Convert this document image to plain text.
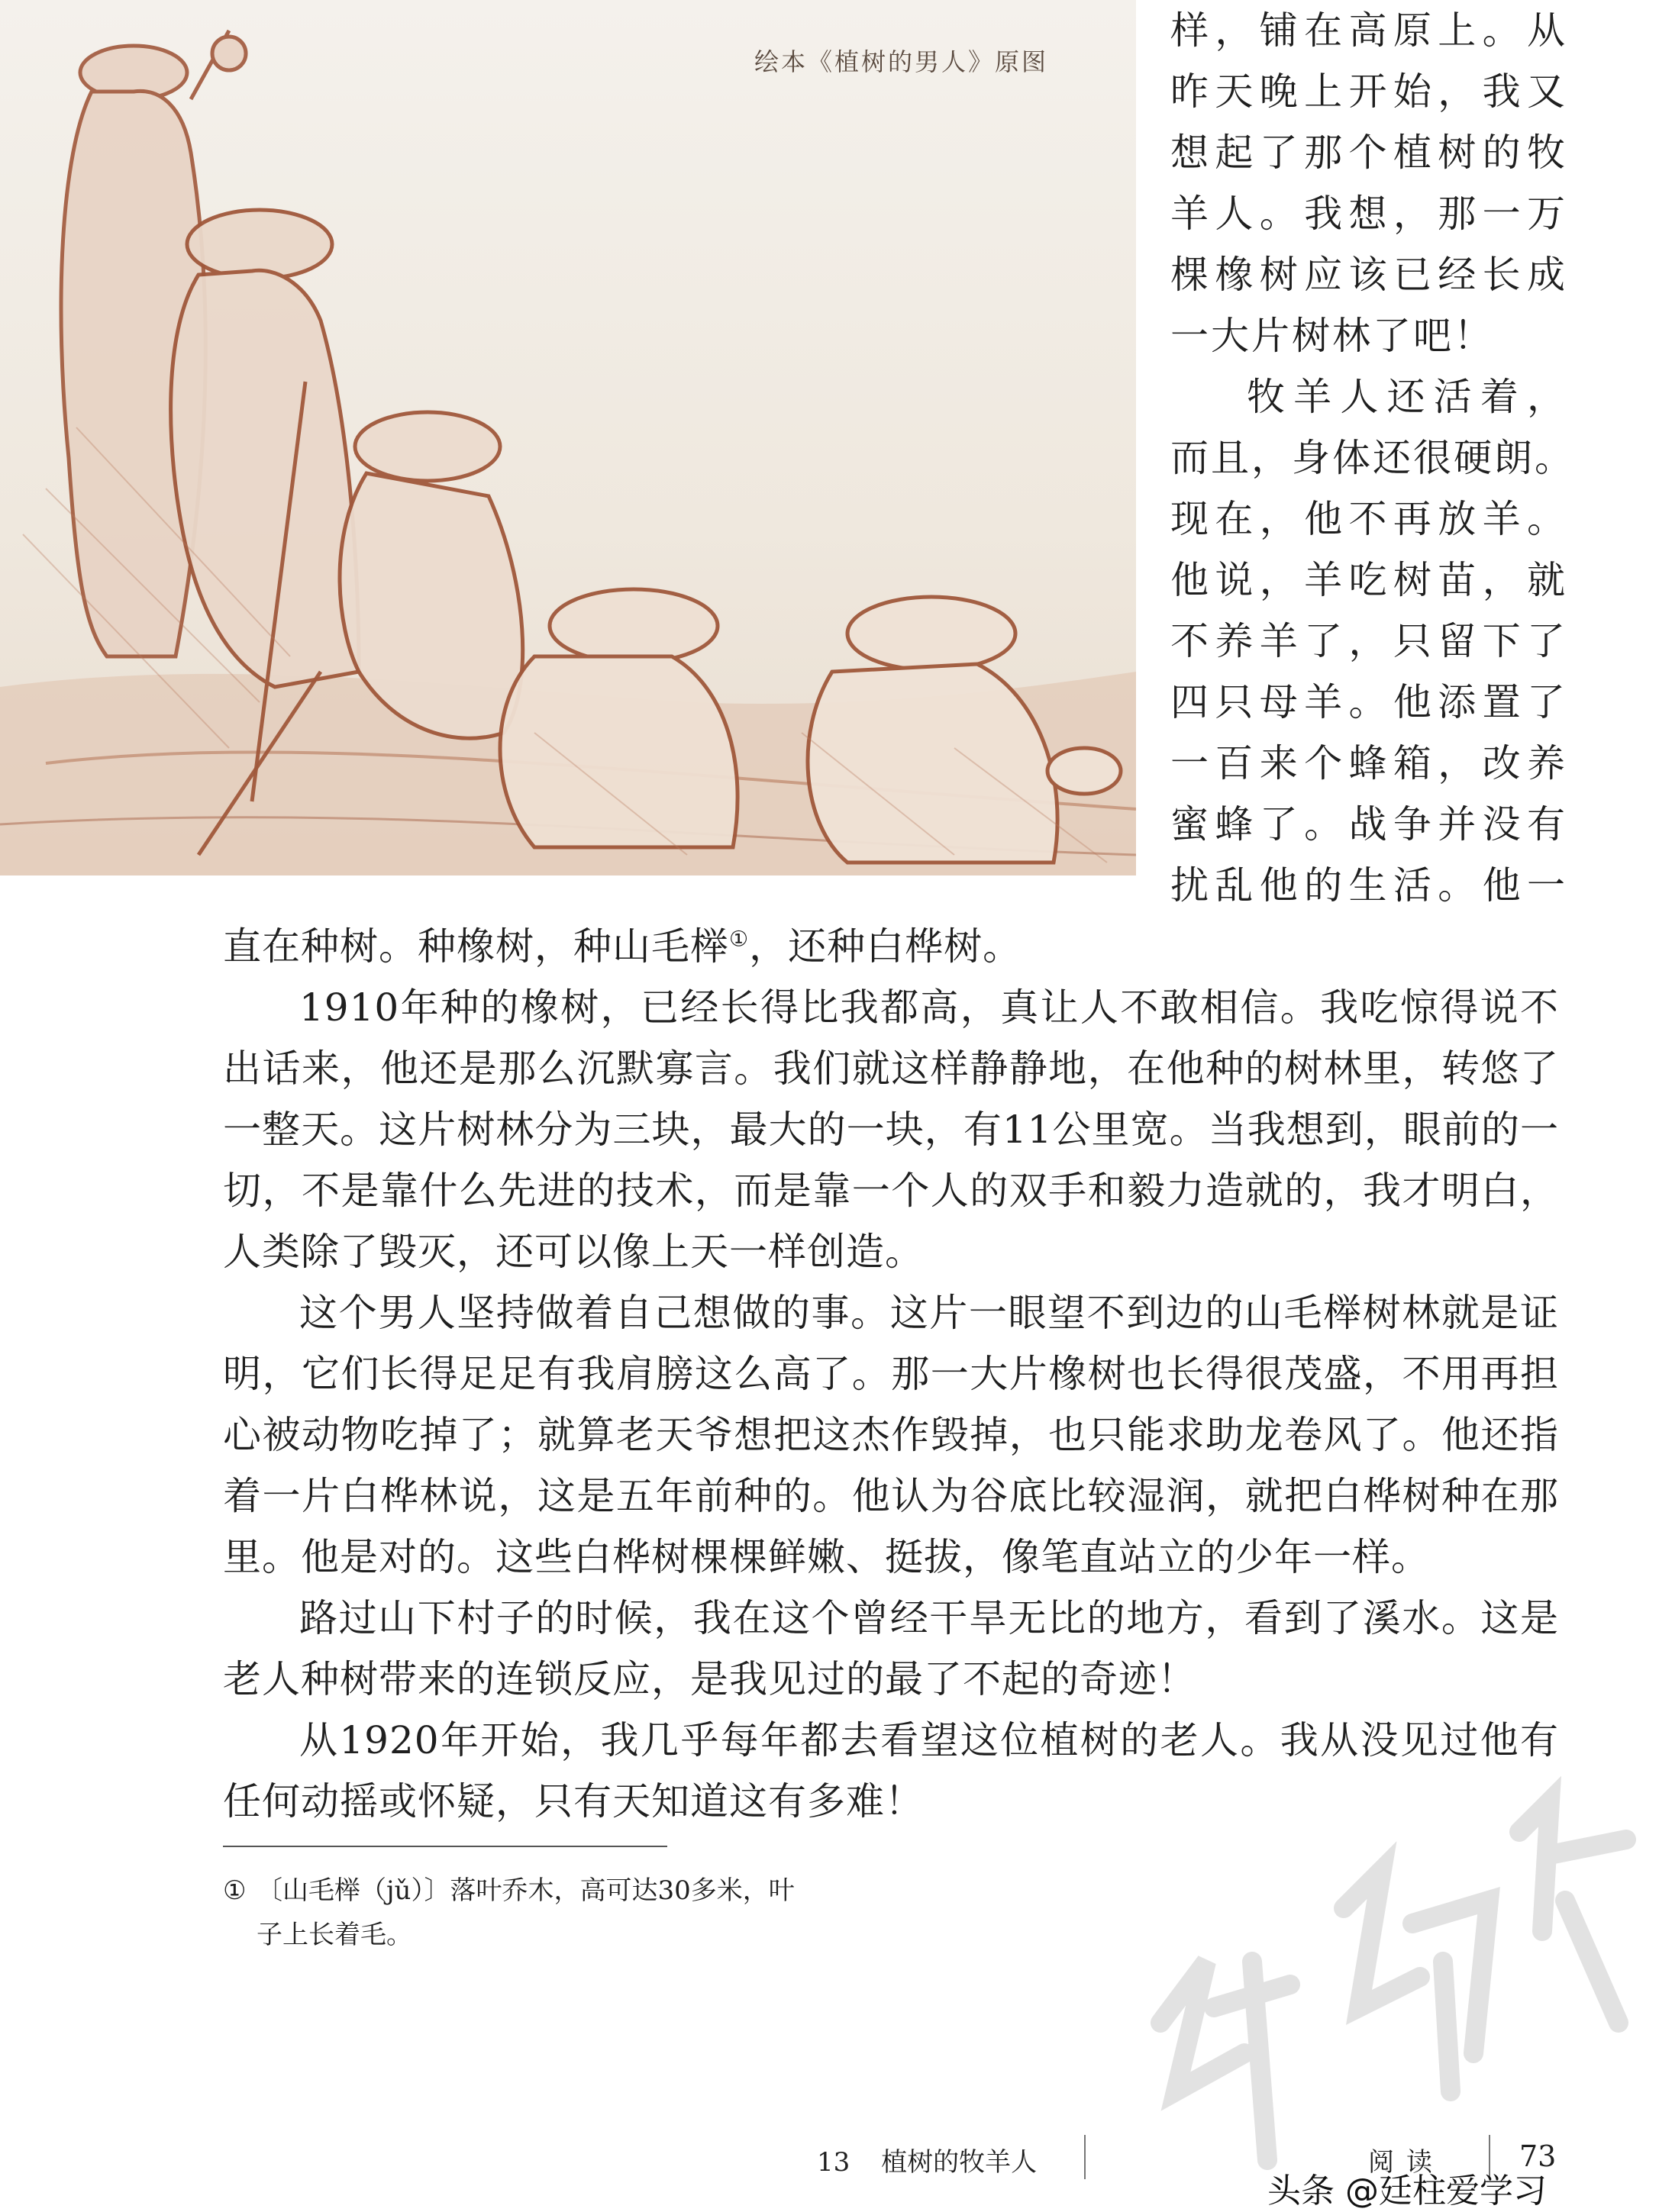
绘本《植树的男人》原图
样，铺在高原上。从
昨天晚上开始，我又
想起了那个植树的牧
羊人。我想，那一万
棵橡树应该已经长成
一大片树林了吧！
牧羊人还活着，
而且，身体还很硬朗。
现在，他不再放羊。
他说，羊吃树苗，就
不养羊了，只留下了
四只母羊。他添置了
一百来个蜂箱，改养
蜜蜂了。战争并没有
扰乱他的生活。他一

直在种树。种橡树，种山毛榉①，还种白桦树。

1910年种的橡树，已经长得比我都高，真让人不敢相信。我吃惊得说不出话来，他还是那么沉默寡言。我们就这样静静地，在他种的树林里，转悠了一整天。这片树林分为三块，最大的一块，有11公里宽。当我想到，眼前的一切，不是靠什么先进的技术，而是靠一个人的双手和毅力造就的，我才明白，人类除了毁灭，还可以像上天一样创造。

这个男人坚持做着自己想做的事。这片一眼望不到边的山毛榉树林就是证明，它们长得足足有我肩膀这么高了。那一大片橡树也长得很茂盛，不用再担心被动物吃掉了；就算老天爷想把这杰作毁掉，也只能求助龙卷风了。他还指着一片白桦林说，这是五年前种的。他认为谷底比较湿润，就把白桦树种在那里。他是对的。这些白桦树棵棵鲜嫩、挺拔，像笔直站立的少年一样。

路过山下村子的时候，我在这个曾经干旱无比的地方，看到了溪水。这是老人种树带来的连锁反应，是我见过的最了不起的奇迹！

从1920年开始，我几乎每年都去看望这位植树的老人。我从没见过他有任何动摇或怀疑，只有天知道这有多难！

① 〔山毛榉（jǔ）〕落叶乔木，高可达30多米，叶
子上长着毛。
13 植树的牧羊人	阅读	73
头条 @廷柱爱学习
